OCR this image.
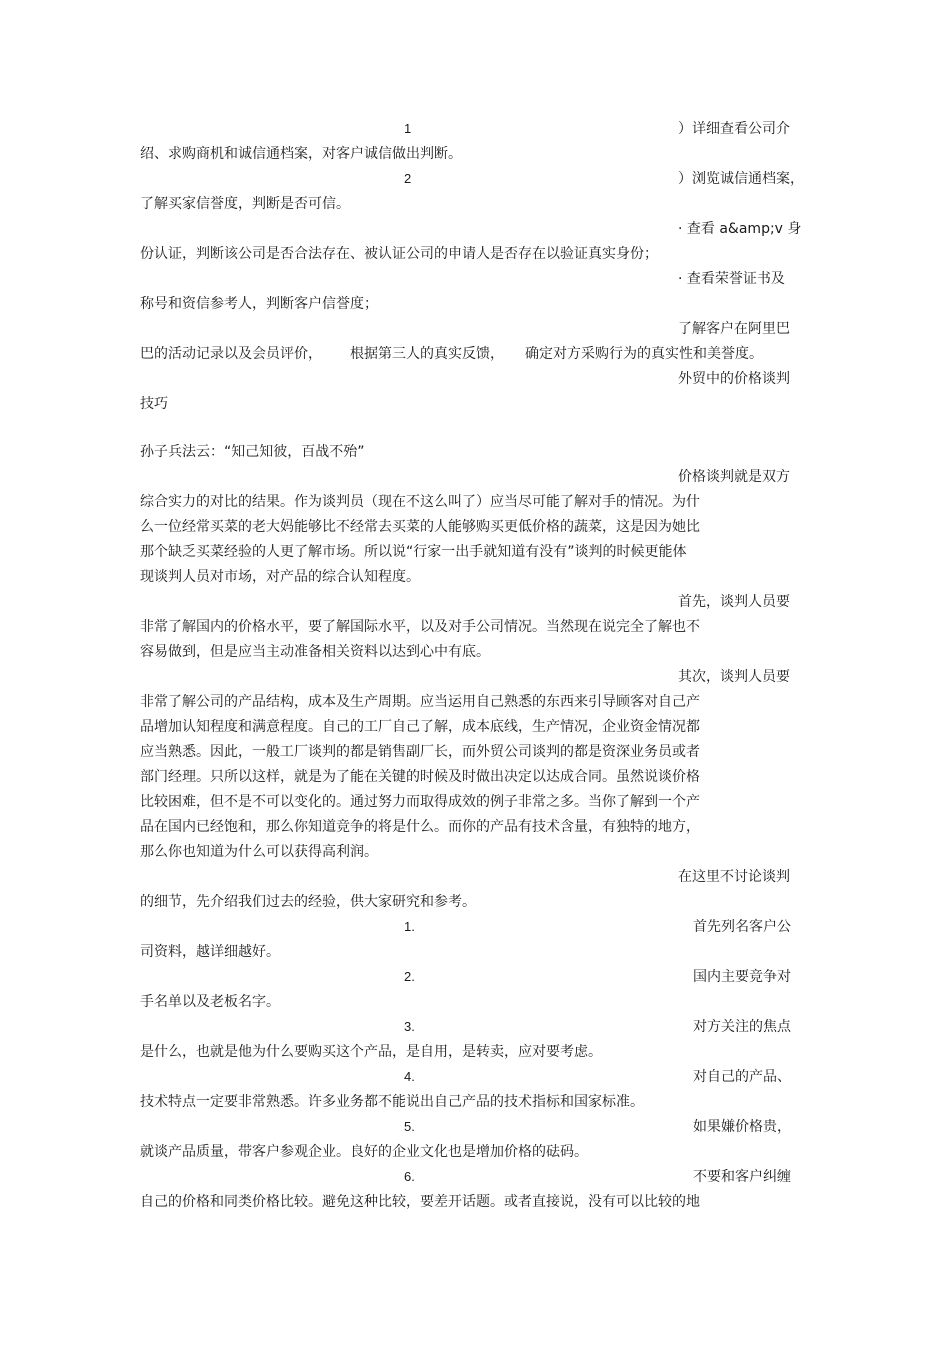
1	）详细查看公司介
绍、求购商机和诚信通档案，对客户诚信做出判断。
2	）浏览诚信通档案，
了解买家信誉度，判断是否可信。
· 查看 a&amp;v 身
份认证，判断该公司是否合法存在、被认证公司的申请人是否存在以验证真实身份；
· 查看荣誉证书及
称号和资信参考人，判断客户信誉度；
了解客户在阿里巴
巴的活动记录以及会员评价， 根据第三人的真实反馈， 确定对方采购行为的真实性和美誉度。
外贸中的价格谈判
技巧
孙子兵法云：“知己知彼，百战不殆”
价格谈判就是双方
综合实力的对比的结果。作为谈判员（现在不这么叫了）应当尽可能了解对手的情况。为什
么一位经常买菜的老大妈能够比不经常去买菜的人能够购买更低价格的蔬菜，这是因为她比
那个缺乏买菜经验的人更了解市场。所以说“行家一出手就知道有没有”谈判的时候更能体
现谈判人员对市场，对产品的综合认知程度。
首先，谈判人员要
非常了解国内的价格水平，要了解国际水平，以及对手公司情况。当然现在说完全了解也不
容易做到，但是应当主动准备相关资料以达到心中有底。
其次，谈判人员要
非常了解公司的产品结构，成本及生产周期。应当运用自己熟悉的东西来引导顾客对自己产
品增加认知程度和满意程度。自己的工厂自己了解，成本底线，生产情况，企业资金情况都
应当熟悉。因此，一般工厂谈判的都是销售副厂长，而外贸公司谈判的都是资深业务员或者
部门经理。只所以这样，就是为了能在关键的时候及时做出决定以达成合同。虽然说谈价格
比较困难，但不是不可以变化的。通过努力而取得成效的例子非常之多。当你了解到一个产
品在国内已经饱和，那么你知道竞争的将是什么。而你的产品有技术含量，有独特的地方，
那么你也知道为什么可以获得高利润。
在这里不讨论谈判
的细节，先介绍我们过去的经验，供大家研究和参考。
1.	首先列名客户公
司资料，越详细越好。
2.	国内主要竞争对
手名单以及老板名字。
3.	对方关注的焦点
是什么，也就是他为什么要购买这个产品，是自用，是转卖，应对要考虑。
4.	对自己的产品、
技术特点一定要非常熟悉。许多业务都不能说出自己产品的技术指标和国家标准。
5.	如果嫌价格贵，
就谈产品质量，带客户参观企业。良好的企业文化也是增加价格的砝码。
6.	不要和客户纠缠
自己的价格和同类价格比较。避免这种比较，要差开话题。或者直接说，没有可以比较的地
